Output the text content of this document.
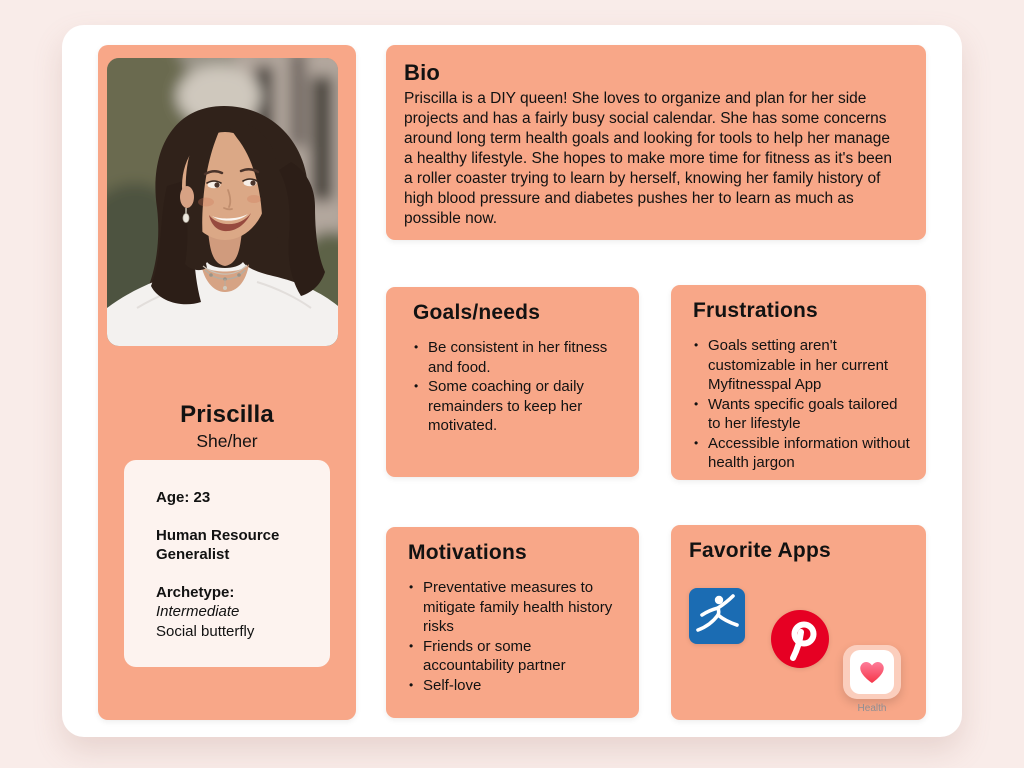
Priscilla
She/her

Age: 23

Human Resource Generalist

Archetype:

Intermediate

Social butterfly

Bio

Priscilla is a DIY queen! She loves to organize and plan for her side projects and has a fairly busy social calendar. She has some concerns around long term health goals and looking for tools to help her manage a healthy lifestyle. She hopes to make more time for fitness as it's been a roller coaster trying to learn by herself, knowing her family history of high blood pressure and diabetes pushes her to learn as much as possible now.

Goals/needs
• Be consistent in her fitness and food.
• Some coaching or daily remainders to keep her motivated.
Frustrations
• Goals setting aren't customizable in her current Myfitnesspal App
• Wants specific goals tailored to her lifestyle
• Accessible information without health jargon
Motivations
• Preventative measures to mitigate family health history risks
• Friends or some accountability partner
• Self-love
Favorite Apps
Health
